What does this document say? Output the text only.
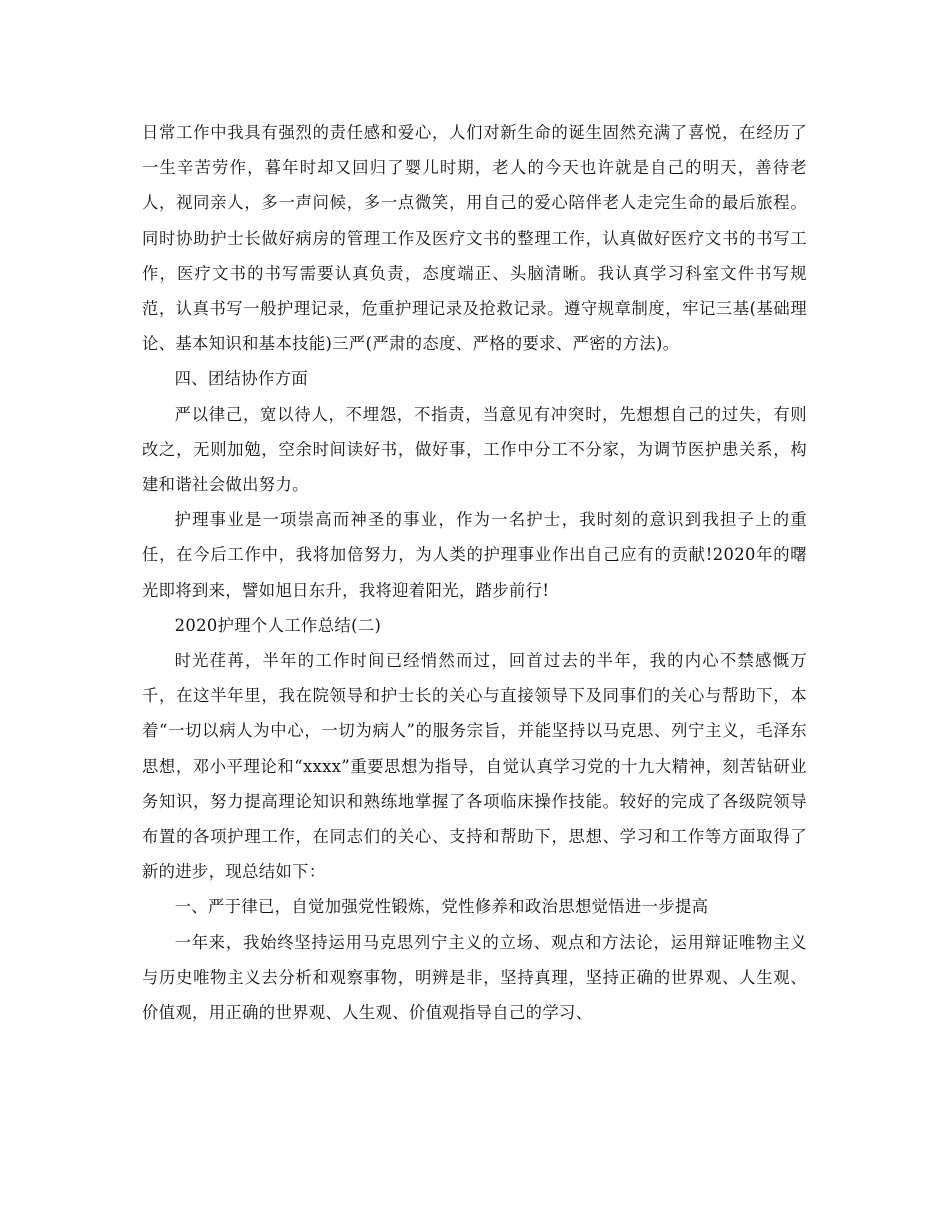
日常工作中我具有强烈的责任感和爱心，人们对新生命的诞生固然充满了喜悦，在经历了一生辛苦劳作，暮年时却又回归了婴儿时期，老人的今天也许就是自己的明天，善待老人，视同亲人，多一声问候，多一点微笑，用自己的爱心陪伴老人走完生命的最后旅程。同时协助护士长做好病房的管理工作及医疗文书的整理工作，认真做好医疗文书的书写工作，医疗文书的书写需要认真负责，态度端正、头脑清晰。我认真学习科室文件书写规范，认真书写一般护理记录，危重护理记录及抢救记录。遵守规章制度，牢记三基(基础理论、基本知识和基本技能)三严(严肃的态度、严格的要求、严密的方法)。

四、团结协作方面

严以律己，宽以待人，不埋怨，不指责，当意见有冲突时，先想想自己的过失，有则改之，无则加勉，空余时间读好书，做好事，工作中分工不分家，为调节医护患关系，构建和谐社会做出努力。

护理事业是一项崇高而神圣的事业，作为一名护士，我时刻的意识到我担子上的重任，在今后工作中，我将加倍努力，为人类的护理事业作出自己应有的贡献!2020年的曙光即将到来，譬如旭日东升，我将迎着阳光，踏步前行!

2020护理个人工作总结(二)

时光荏苒，半年的工作时间已经悄然而过，回首过去的半年，我的内心不禁感慨万千，在这半年里，我在院领导和护士长的关心与直接领导下及同事们的关心与帮助下，本着“一切以病人为中心，一切为病人”的服务宗旨，并能坚持以马克思、列宁主义，毛泽东思想，邓小平理论和“xxxx”重要思想为指导，自觉认真学习党的十九大精神，刻苦钻研业务知识，努力提高理论知识和熟练地掌握了各项临床操作技能。较好的完成了各级院领导布置的各项护理工作，在同志们的关心、支持和帮助下，思想、学习和工作等方面取得了新的进步，现总结如下：

一、严于律已，自觉加强党性锻炼，党性修养和政治思想觉悟进一步提高

一年来，我始终坚持运用马克思列宁主义的立场、观点和方法论，运用辩证唯物主义与历史唯物主义去分析和观察事物，明辨是非，坚持真理，坚持正确的世界观、人生观、价值观，用正确的世界观、人生观、价值观指导自己的学习、
